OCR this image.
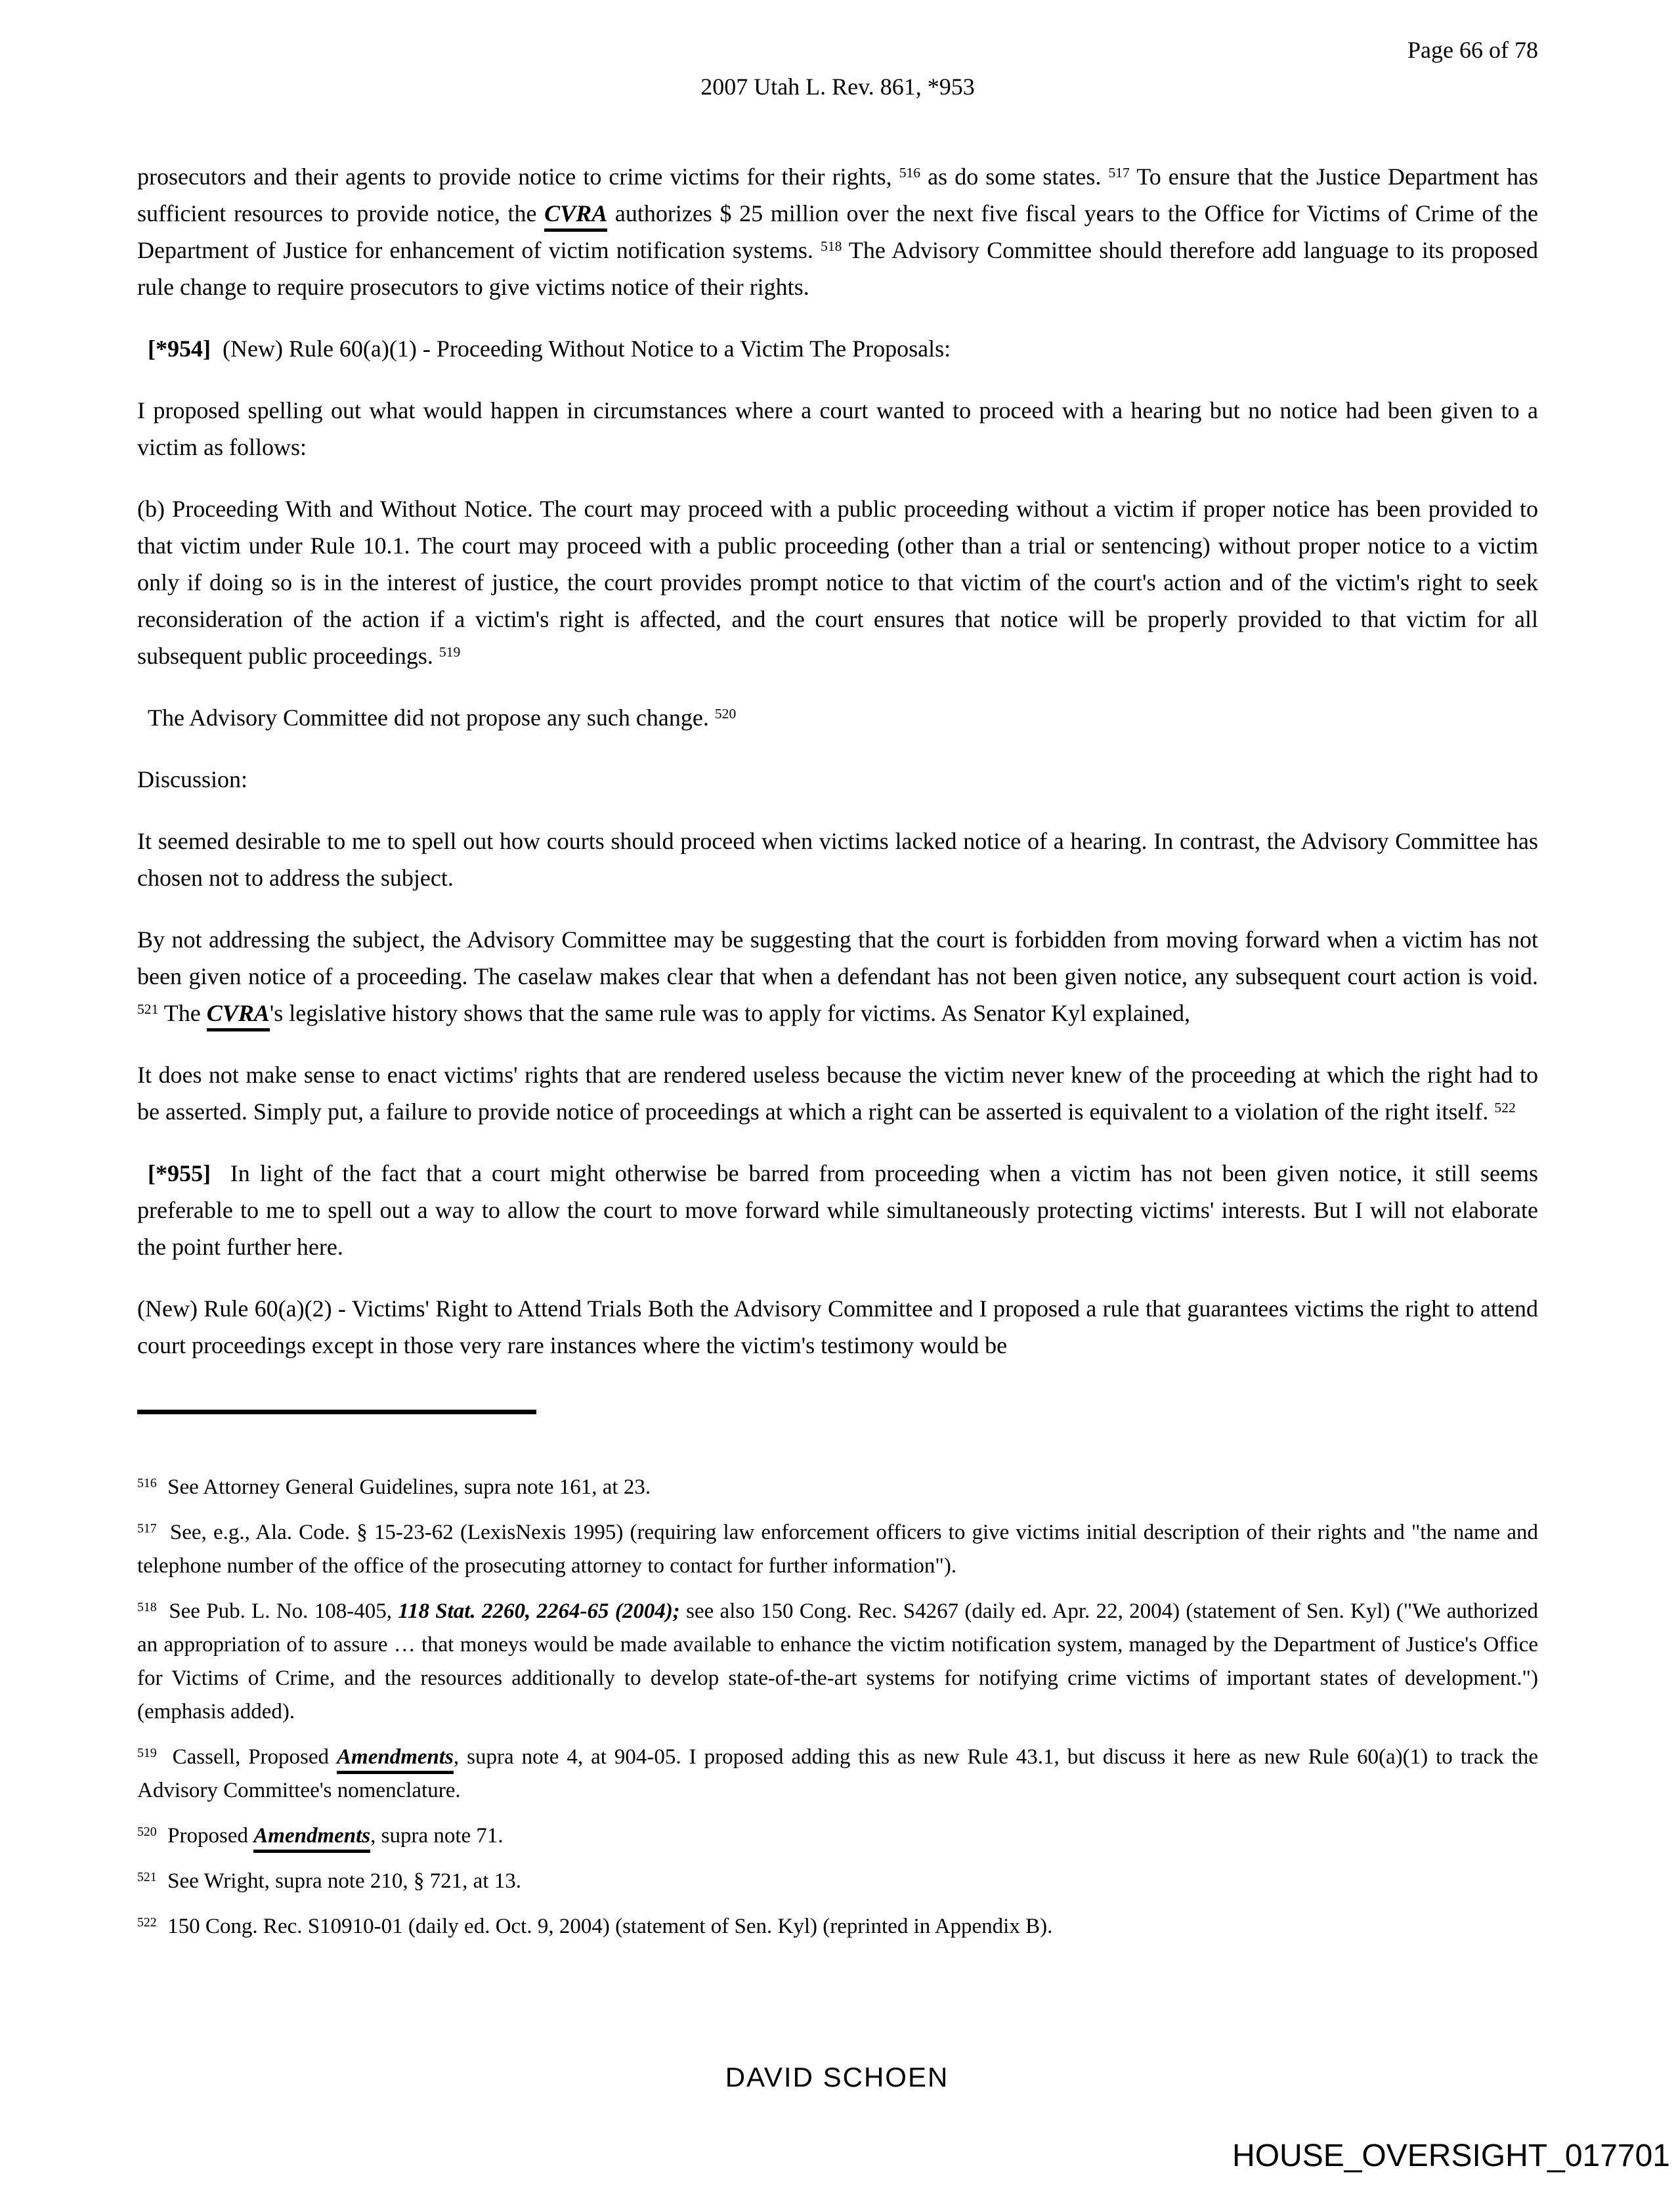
Page 66 of 78
2007 Utah L. Rev. 861, *953

prosecutors and their agents to provide notice to crime victims for their rights, $^{516}$ as do some states. $^{517}$ To ensure that the Justice Department has sufficient resources to provide notice, the CVRA authorizes $ 25 million over the next five fiscal years to the Office for Victims of Crime of the Department of Justice for enhancement of victim notification systems. $^{518}$ The Advisory Committee should therefore add language to its proposed rule change to require prosecutors to give victims notice of their rights.

[*954]  (New) Rule 60(a)(1) - Proceeding Without Notice to a Victim The Proposals:

I proposed spelling out what would happen in circumstances where a court wanted to proceed with a hearing but no notice had been given to a victim as follows:

(b) Proceeding With and Without Notice. The court may proceed with a public proceeding without a victim if proper notice has been provided to that victim under Rule 10.1. The court may proceed with a public proceeding (other than a trial or sentencing) without proper notice to a victim only if doing so is in the interest of justice, the court provides prompt notice to that victim of the court's action and of the victim's right to seek reconsideration of the action if a victim's right is affected, and the court ensures that notice will be properly provided to that victim for all subsequent public proceedings. $^{519}$

The Advisory Committee did not propose any such change. $^{520}$

Discussion:

It seemed desirable to me to spell out how courts should proceed when victims lacked notice of a hearing. In contrast, the Advisory Committee has chosen not to address the subject.

By not addressing the subject, the Advisory Committee may be suggesting that the court is forbidden from moving forward when a victim has not been given notice of a proceeding. The caselaw makes clear that when a defendant has not been given notice, any subsequent court action is void. $^{521}$ The CVRA's legislative history shows that the same rule was to apply for victims. As Senator Kyl explained,

It does not make sense to enact victims' rights that are rendered useless because the victim never knew of the proceeding at which the right had to be asserted. Simply put, a failure to provide notice of proceedings at which a right can be asserted is equivalent to a violation of the right itself. $^{522}$

[*955]  In light of the fact that a court might otherwise be barred from proceeding when a victim has not been given notice, it still seems preferable to me to spell out a way to allow the court to move forward while simultaneously protecting victims' interests. But I will not elaborate the point further here.

(New) Rule 60(a)(2) - Victims' Right to Attend Trials Both the Advisory Committee and I proposed a rule that guarantees victims the right to attend court proceedings except in those very rare instances where the victim's testimony would be

$^{516}$  See Attorney General Guidelines, supra note 161, at 23.
$^{517}$  See, e.g., Ala. Code. § 15-23-62 (LexisNexis 1995) (requiring law enforcement officers to give victims initial description of their rights and "the name and telephone number of the office of the prosecuting attorney to contact for further information").
$^{518}$  See Pub. L. No. 108-405, 118 Stat. 2260, 2264-65 (2004); see also 150 Cong. Rec. S4267 (daily ed. Apr. 22, 2004) (statement of Sen. Kyl) ("We authorized an appropriation of to assure … that moneys would be made available to enhance the victim notification system, managed by the Department of Justice's Office for Victims of Crime, and the resources additionally to develop state-of-the-art systems for notifying crime victims of important states of development.") (emphasis added).
$^{519}$  Cassell, Proposed Amendments, supra note 4, at 904-05. I proposed adding this as new Rule 43.1, but discuss it here as new Rule 60(a)(1) to track the Advisory Committee's nomenclature.
$^{520}$  Proposed Amendments, supra note 71.
$^{521}$  See Wright, supra note 210, § 721, at 13.
$^{522}$  150 Cong. Rec. S10910-01 (daily ed. Oct. 9, 2004) (statement of Sen. Kyl) (reprinted in Appendix B).
DAVID SCHOEN
HOUSE_OVERSIGHT_017701
